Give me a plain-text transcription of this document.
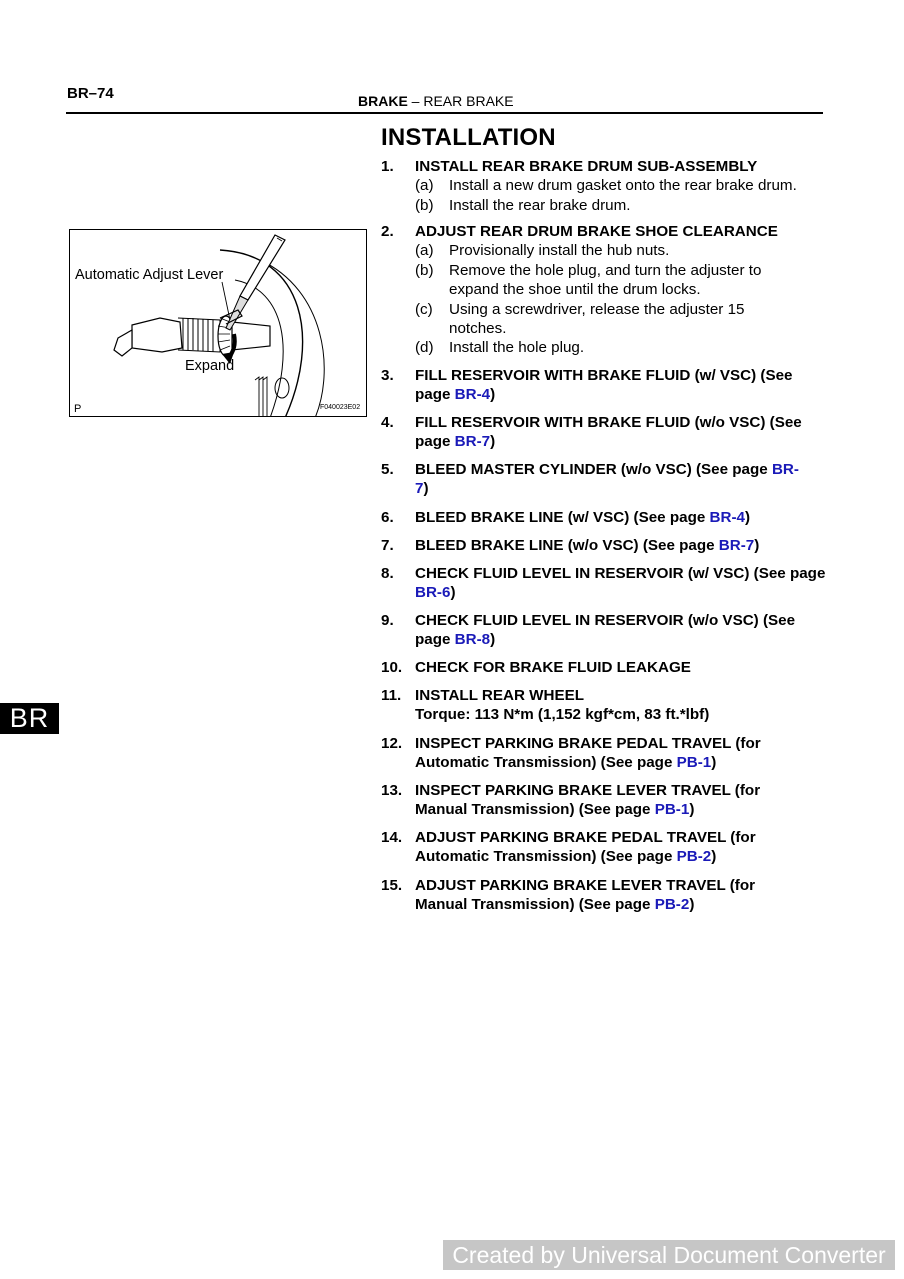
BR–74	BRAKE – REAR BRAKE
INSTALLATION
Automatic Adjust Lever
Expand
P	F040023E02
1. INSTALL REAR BRAKE DRUM SUB-ASSEMBLY
(a) Install a new drum gasket onto the rear brake drum.
(b) Install the rear brake drum.
2. ADJUST REAR DRUM BRAKE SHOE CLEARANCE
(a) Provisionally install the hub nuts.
(b) Remove the hole plug, and turn the adjuster to expand the shoe until the drum locks.
(c) Using a screwdriver, release the adjuster 15 notches.
(d) Install the hole plug.
3. FILL RESERVOIR WITH BRAKE FLUID (w/ VSC) (See page BR-4)
4. FILL RESERVOIR WITH BRAKE FLUID (w/o VSC) (See page BR-7)
5. BLEED MASTER CYLINDER (w/o VSC) (See page BR-7)
6. BLEED BRAKE LINE (w/ VSC) (See page BR-4)
7. BLEED BRAKE LINE (w/o VSC) (See page BR-7)
8. CHECK FLUID LEVEL IN RESERVOIR (w/ VSC) (See page BR-6)
9. CHECK FLUID LEVEL IN RESERVOIR (w/o VSC) (See page BR-8)
10. CHECK FOR BRAKE FLUID LEAKAGE
11. INSTALL REAR WHEEL
Torque: 113 N*m (1,152 kgf*cm, 83 ft.*lbf)
12. INSPECT PARKING BRAKE PEDAL TRAVEL (for Automatic Transmission) (See page PB-1)
13. INSPECT PARKING BRAKE LEVER TRAVEL (for Manual Transmission) (See page PB-1)
14. ADJUST PARKING BRAKE PEDAL TRAVEL (for Automatic Transmission) (See page PB-2)
15. ADJUST PARKING BRAKE LEVER TRAVEL (for Manual Transmission) (See page PB-2)
BR
Created by Universal Document Converter
